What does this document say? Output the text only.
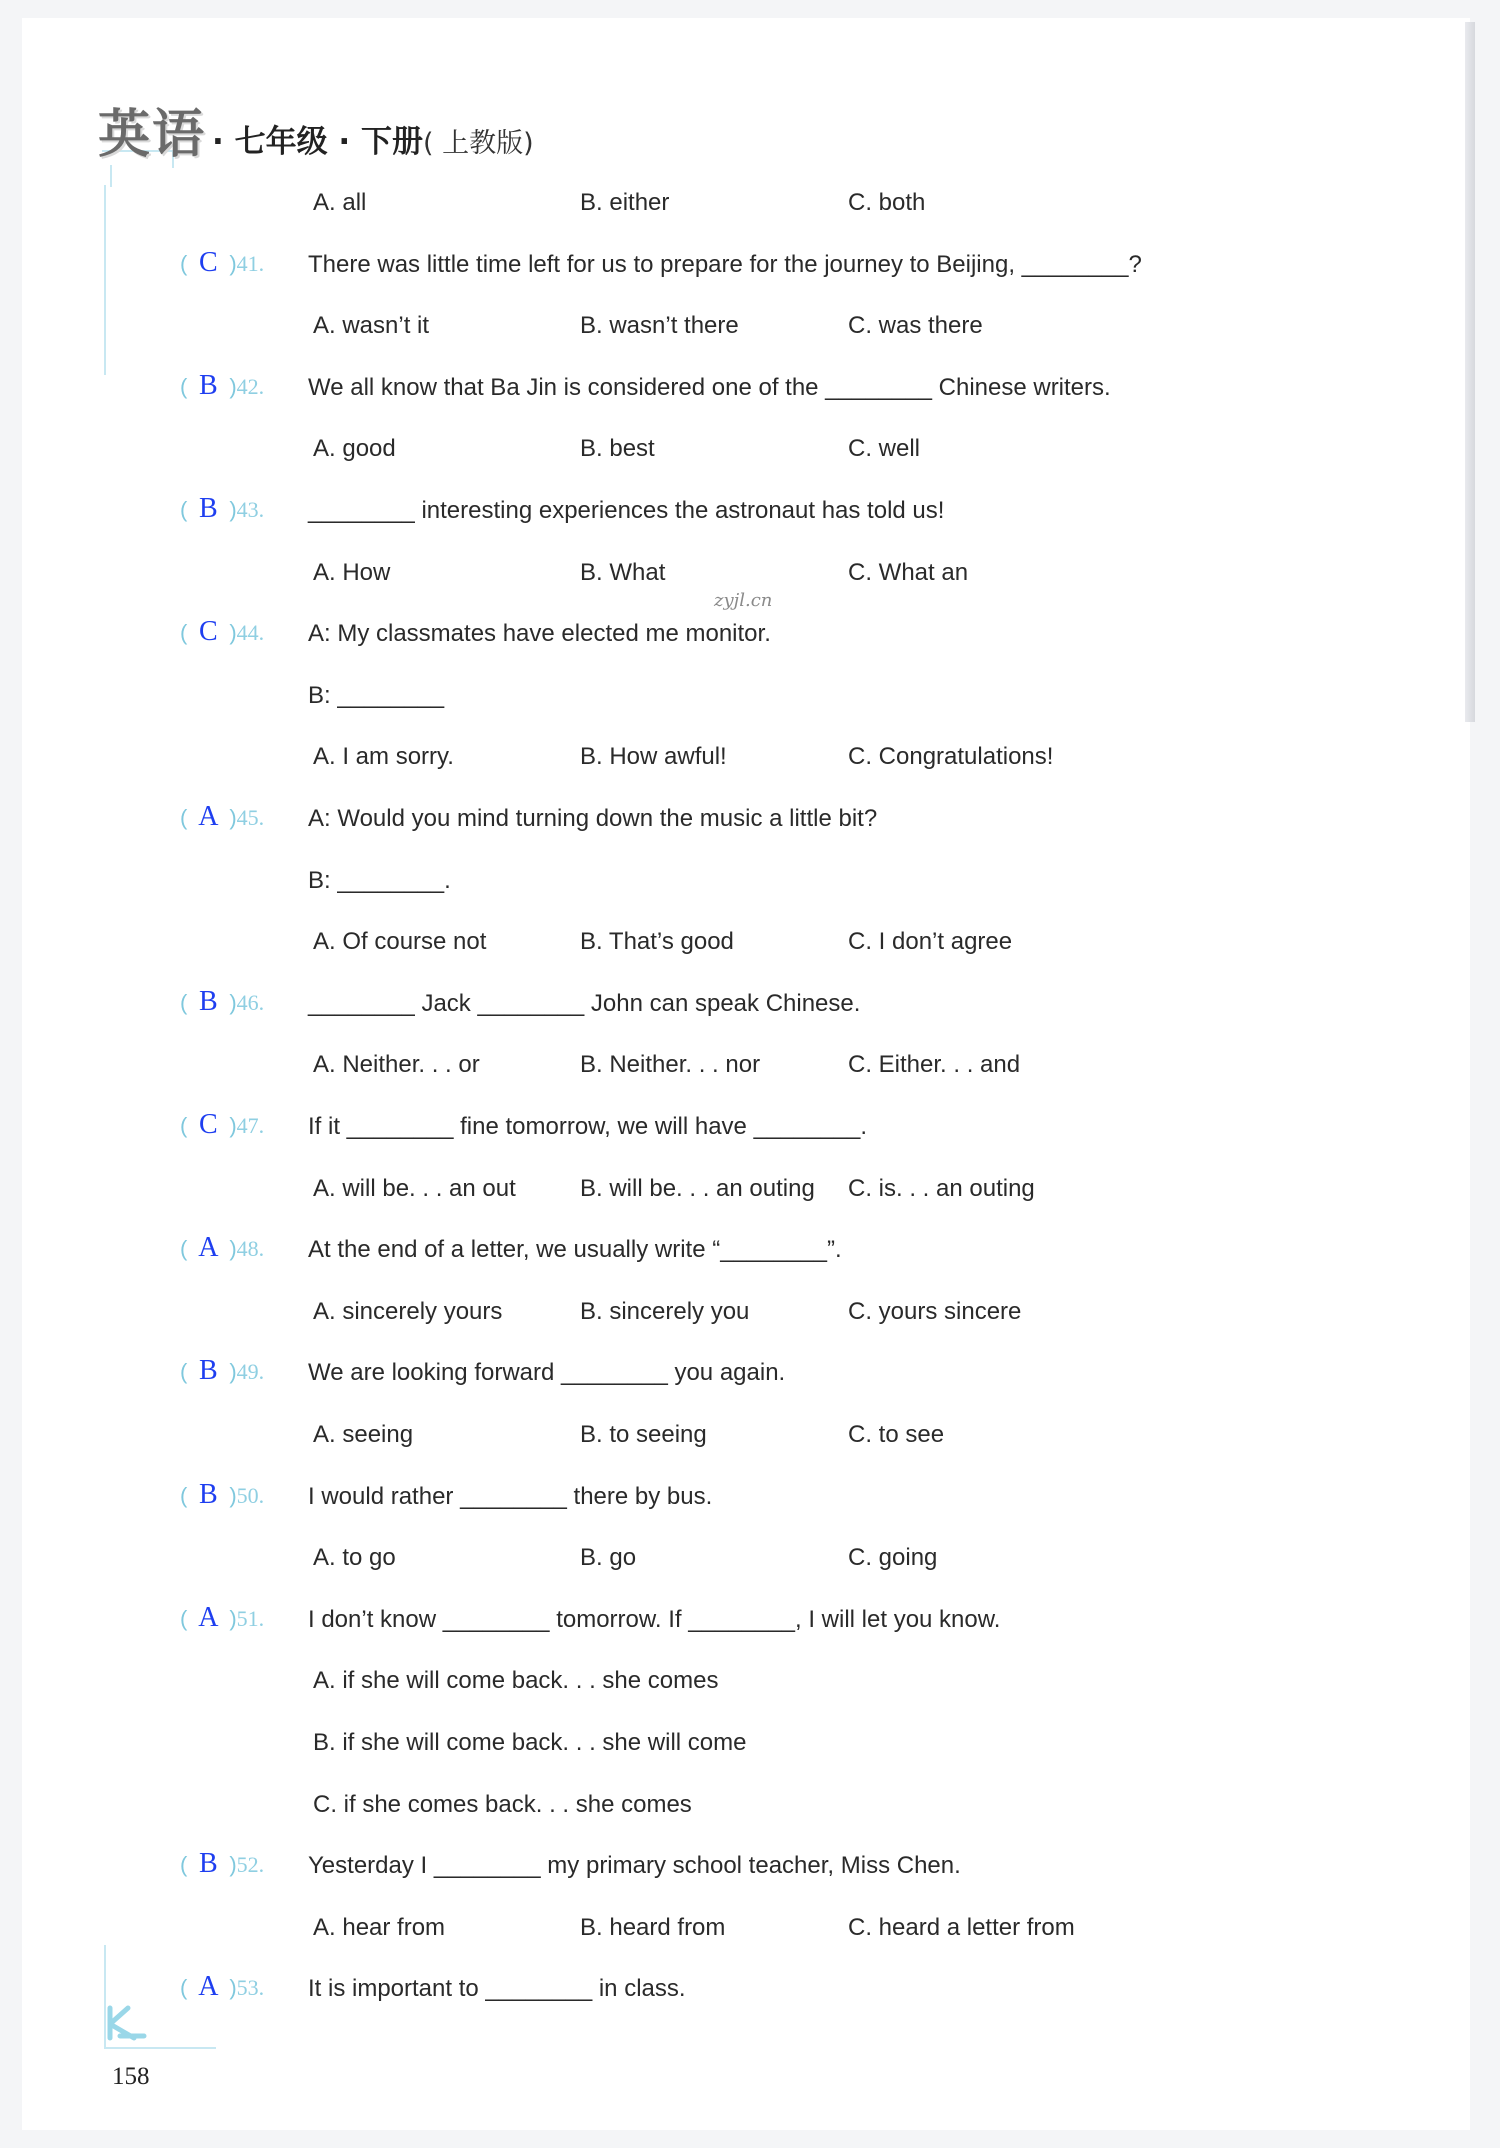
英语 · 七年级 · 下册 ( 上教版)
zyjl.cn
158
A. all	B. either	C. both
( C )41. There was little time left for us to prepare for the journey to Beijing, ________?
A. wasn’t it	B. wasn’t there	C. was there
( B )42. We all know that Ba Jin is considered one of the ________ Chinese writers.
A. good	B. best	C. well
( B )43. ________ interesting experiences the astronaut has told us!
A. How	B. What	C. What an
( C )44. A: My classmates have elected me monitor.
B: ________
A. I am sorry.	B. How awful!	C. Congratulations!
( A )45. A: Would you mind turning down the music a little bit?
B: ________.
A. Of course not	B. That’s good	C. I don’t agree
( B )46. ________ Jack ________ John can speak Chinese.
A. Neither. . . or	B. Neither. . . nor	C. Either. . . and
( C )47. If it ________ fine tomorrow, we will have ________.
A. will be. . . an out	B. will be. . . an outing C. is. . . an outing
( A )48. At the end of a letter, we usually write “________”.
A. sincerely yours	B. sincerely you	C. yours sincere
( B )49. We are looking forward ________ you again.
A. seeing	B. to seeing	C. to see
( B )50. I would rather ________ there by bus.
A. to go	B. go	C. going
( A )51. I don’t know ________ tomorrow. If ________, I will let you know.
A. if she will come back. . . she comes
B. if she will come back. . . she will come
C. if she comes back. . . she comes
( B )52. Yesterday I ________ my primary school teacher, Miss Chen.
A. hear from	B. heard from	C. heard a letter from
( A )53. It is important to ________ in class.
